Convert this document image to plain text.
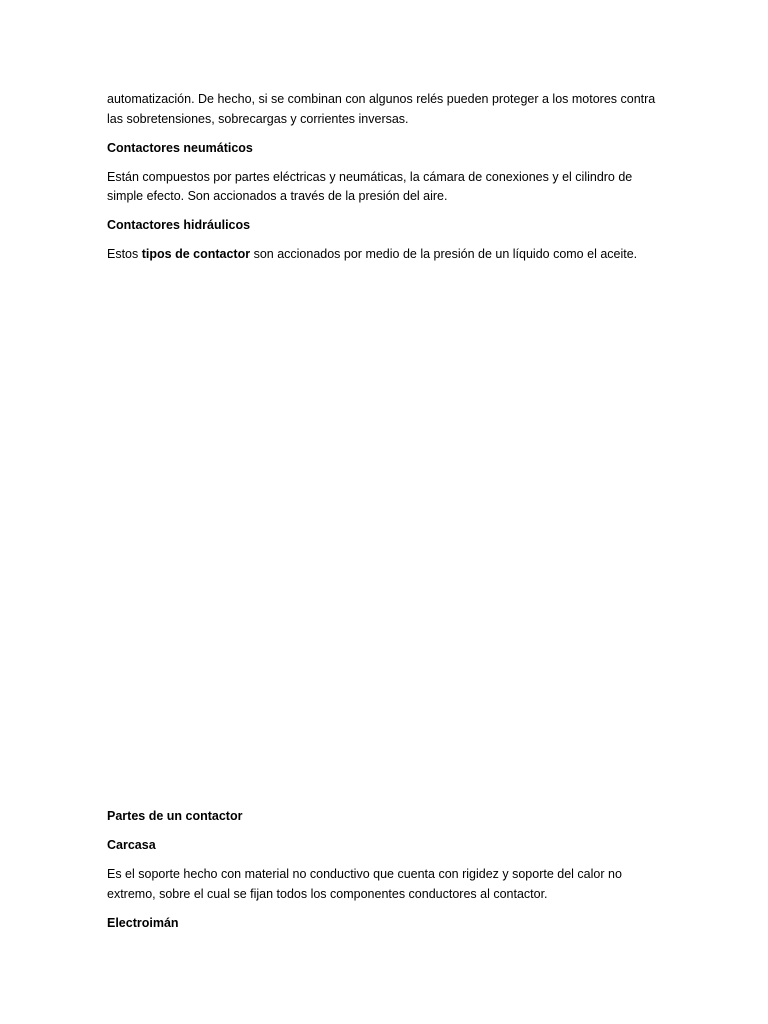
automatización. De hecho, si se combinan con algunos relés pueden proteger a los motores contra
las sobretensiones, sobrecargas y corrientes inversas.

Contactores neumáticos

Están compuestos por partes eléctricas y neumáticas, la cámara de conexiones y el cilindro de
simple efecto. Son accionados a través de la presión del aire.

Contactores hidráulicos

Estos tipos de contactor son accionados por medio de la presión de un líquido como el aceite.

Partes de un contactor

Carcasa

Es el soporte hecho con material no conductivo que cuenta con rigidez y soporte del calor no
extremo, sobre el cual se fijan todos los componentes conductores al contactor.

Electroimán
